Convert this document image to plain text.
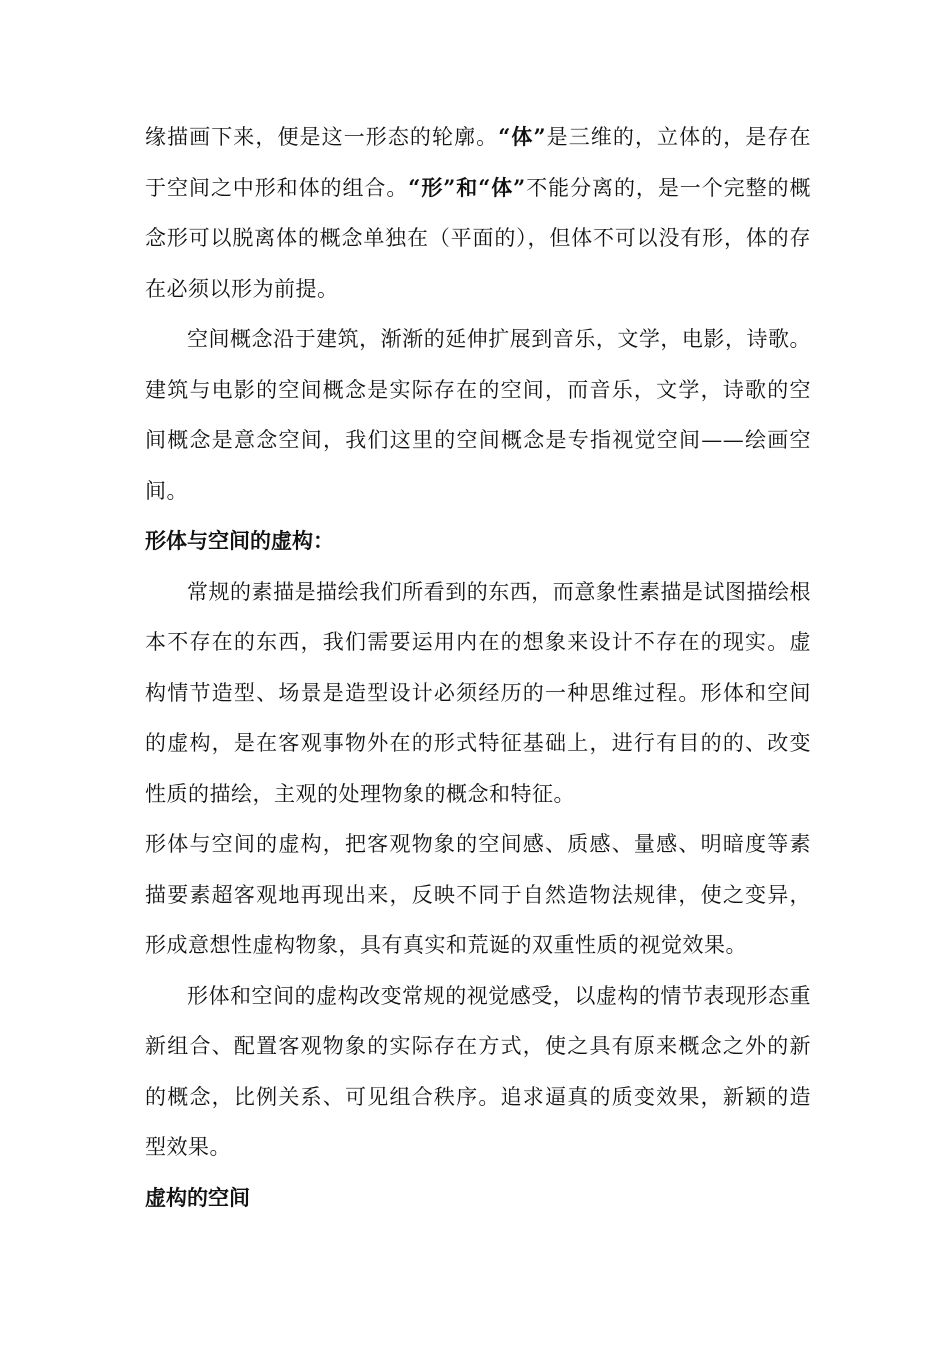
缘描画下来，便是这一形态的轮廓。“体”是三维的，立体的，是存在于空间之中形和体的组合。“形”和“体”不能分离的，是一个完整的概念形可以脱离体的概念单独在（平面的），但体不可以没有形，体的存在必须以形为前提。

空间概念沿于建筑，渐渐的延伸扩展到音乐，文学，电影，诗歌。建筑与电影的空间概念是实际存在的空间，而音乐，文学，诗歌的空间概念是意念空间，我们这里的空间概念是专指视觉空间——绘画空间。

形体与空间的虚构：

常规的素描是描绘我们所看到的东西，而意象性素描是试图描绘根本不存在的东西，我们需要运用内在的想象来设计不存在的现实。虚构情节造型、场景是造型设计必须经历的一种思维过程。形体和空间的虚构，是在客观事物外在的形式特征基础上，进行有目的的、改变性质的描绘，主观的处理物象的概念和特征。

形体与空间的虚构，把客观物象的空间感、质感、量感、明暗度等素描要素超客观地再现出来，反映不同于自然造物法规律，使之变异，形成意想性虚构物象，具有真实和荒诞的双重性质的视觉效果。

形体和空间的虚构改变常规的视觉感受，以虚构的情节表现形态重新组合、配置客观物象的实际存在方式，使之具有原来概念之外的新的概念，比例关系、可见组合秩序。追求逼真的质变效果，新颖的造型效果。

虚构的空间
